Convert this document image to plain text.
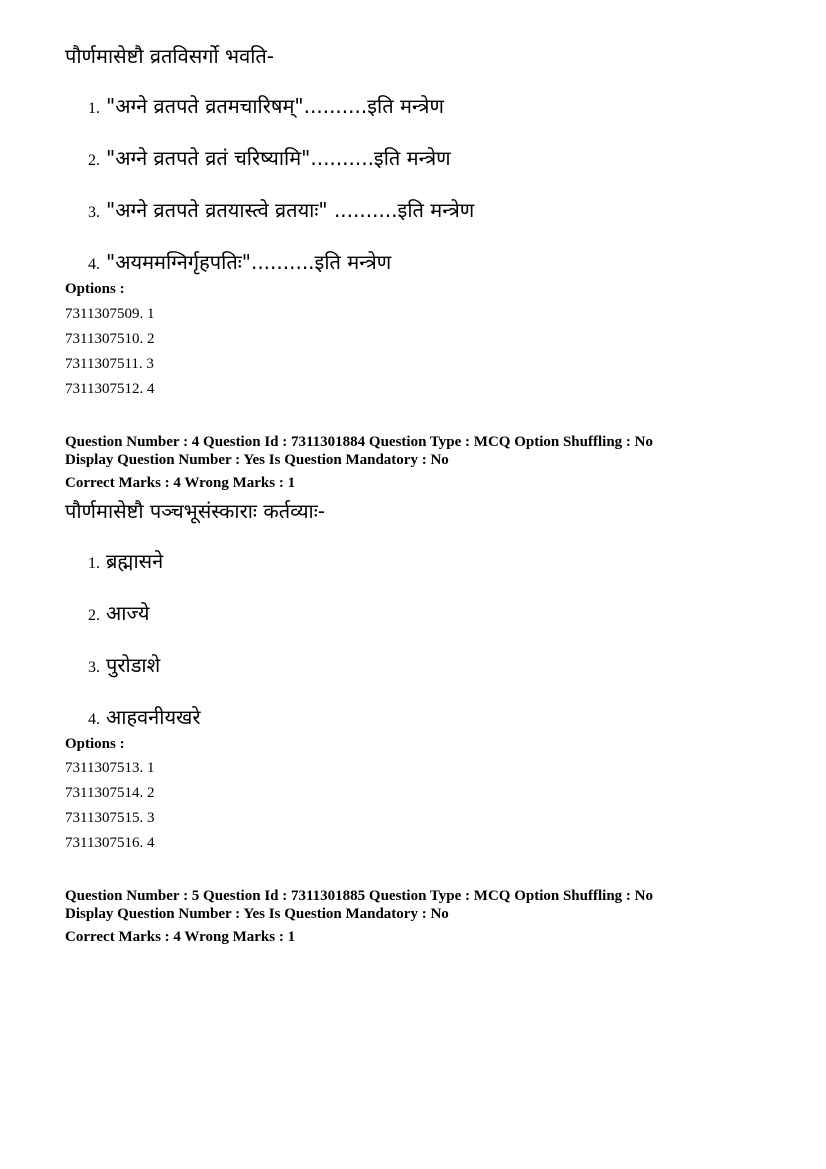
पौर्णमासेष्टौ व्रतविसर्गो भवति-
1. "अग्ने व्रतपते व्रतमचारिषम्"..........इति मन्त्रेण
2. "अग्ने व्रतपते व्रतं चरिष्यामि"..........इति मन्त्रेण
3. "अग्ने व्रतपते व्रतयास्त्वे व्रतयाः" ..........इति मन्त्रेण
4. "अयममग्निर्गृहपतिः"..........इति मन्त्रेण
Options :
7311307509. 1
7311307510. 2
7311307511. 3
7311307512. 4
Question Number : 4 Question Id : 7311301884 Question Type : MCQ Option Shuffling : No
Display Question Number : Yes Is Question Mandatory : No
Correct Marks : 4 Wrong Marks : 1
पौर्णमासेष्टौ पञ्चभूसंस्काराः कर्तव्याः-
1. ब्रह्मासने
2. आज्ये
3. पुरोडाशे
4. आहवनीयखरे
Options :
7311307513. 1
7311307514. 2
7311307515. 3
7311307516. 4
Question Number : 5 Question Id : 7311301885 Question Type : MCQ Option Shuffling : No
Display Question Number : Yes Is Question Mandatory : No
Correct Marks : 4 Wrong Marks : 1
